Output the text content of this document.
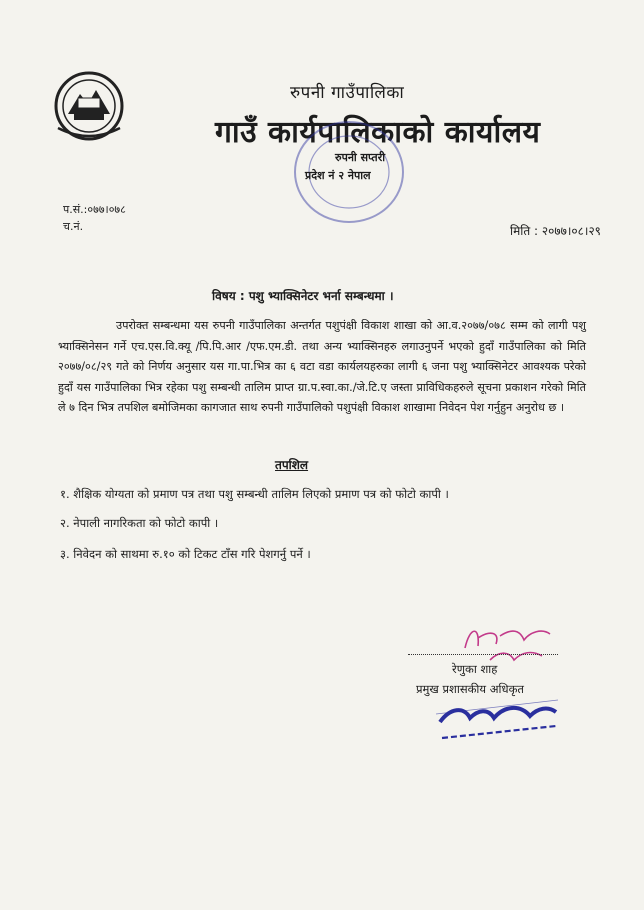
रुपनी गाउँपालिका
गाउँ कार्यपालिकाको कार्यालय
रुपनी सप्तरी
प्रदेश नं २ नेपाल
प.सं.:०७७।०७८
च.नं.	मिति : २०७७।०८।२९
विषय : पशु भ्याक्सिनेटर भर्ना सम्बन्धमा ।
उपरोक्त सम्बन्धमा यस रुपनी गाउँपालिका अन्तर्गत पशुपंक्षी विकाश शाखा को आ.व.२०७७/०७८ सम्म को लागी पशु भ्याक्सिनेसन गर्ने एच.एस.वि.क्यू /पि.पि.आर /एफ.एम.डी. तथा अन्य भ्याक्सिनहरु लगाउनुपर्ने भएको हुदाँ गाउँपालिका को मिति २०७७/०८/२९ गते को निर्णय अनुसार यस गा.पा.भित्र का ६ वटा वडा कार्यलयहरुका लागी ६ जना पशु भ्याक्सिनेटर आवश्यक परेको हुदाँ यस गाउँपालिका भित्र रहेका पशु सम्बन्धी तालिम प्राप्त ग्रा.प.स्वा.का./जे.टि.ए जस्ता प्राविधिकहरुले सूचना प्रकाशन गरेको मिति ले ७ दिन भित्र तपशिल बमोजिमका कागजात साथ रुपनी गाउँपालिको पशुपंक्षी विकाश शाखामा निवेदन पेश गर्नुहुन अनुरोध छ ।
तपशिल
१. शैक्षिक योग्यता को प्रमाण पत्र तथा पशु सम्बन्धी तालिम लिएको प्रमाण पत्र को फोटो कापी ।
२. नेपाली नागरिकता को फोटो कापी ।
३. निवेदन को साथमा रु.१० को टिकट टाँस गरि पेशगर्नु पर्ने ।
रेणुका शाह
प्रमुख प्रशासकीय अधिकृत
